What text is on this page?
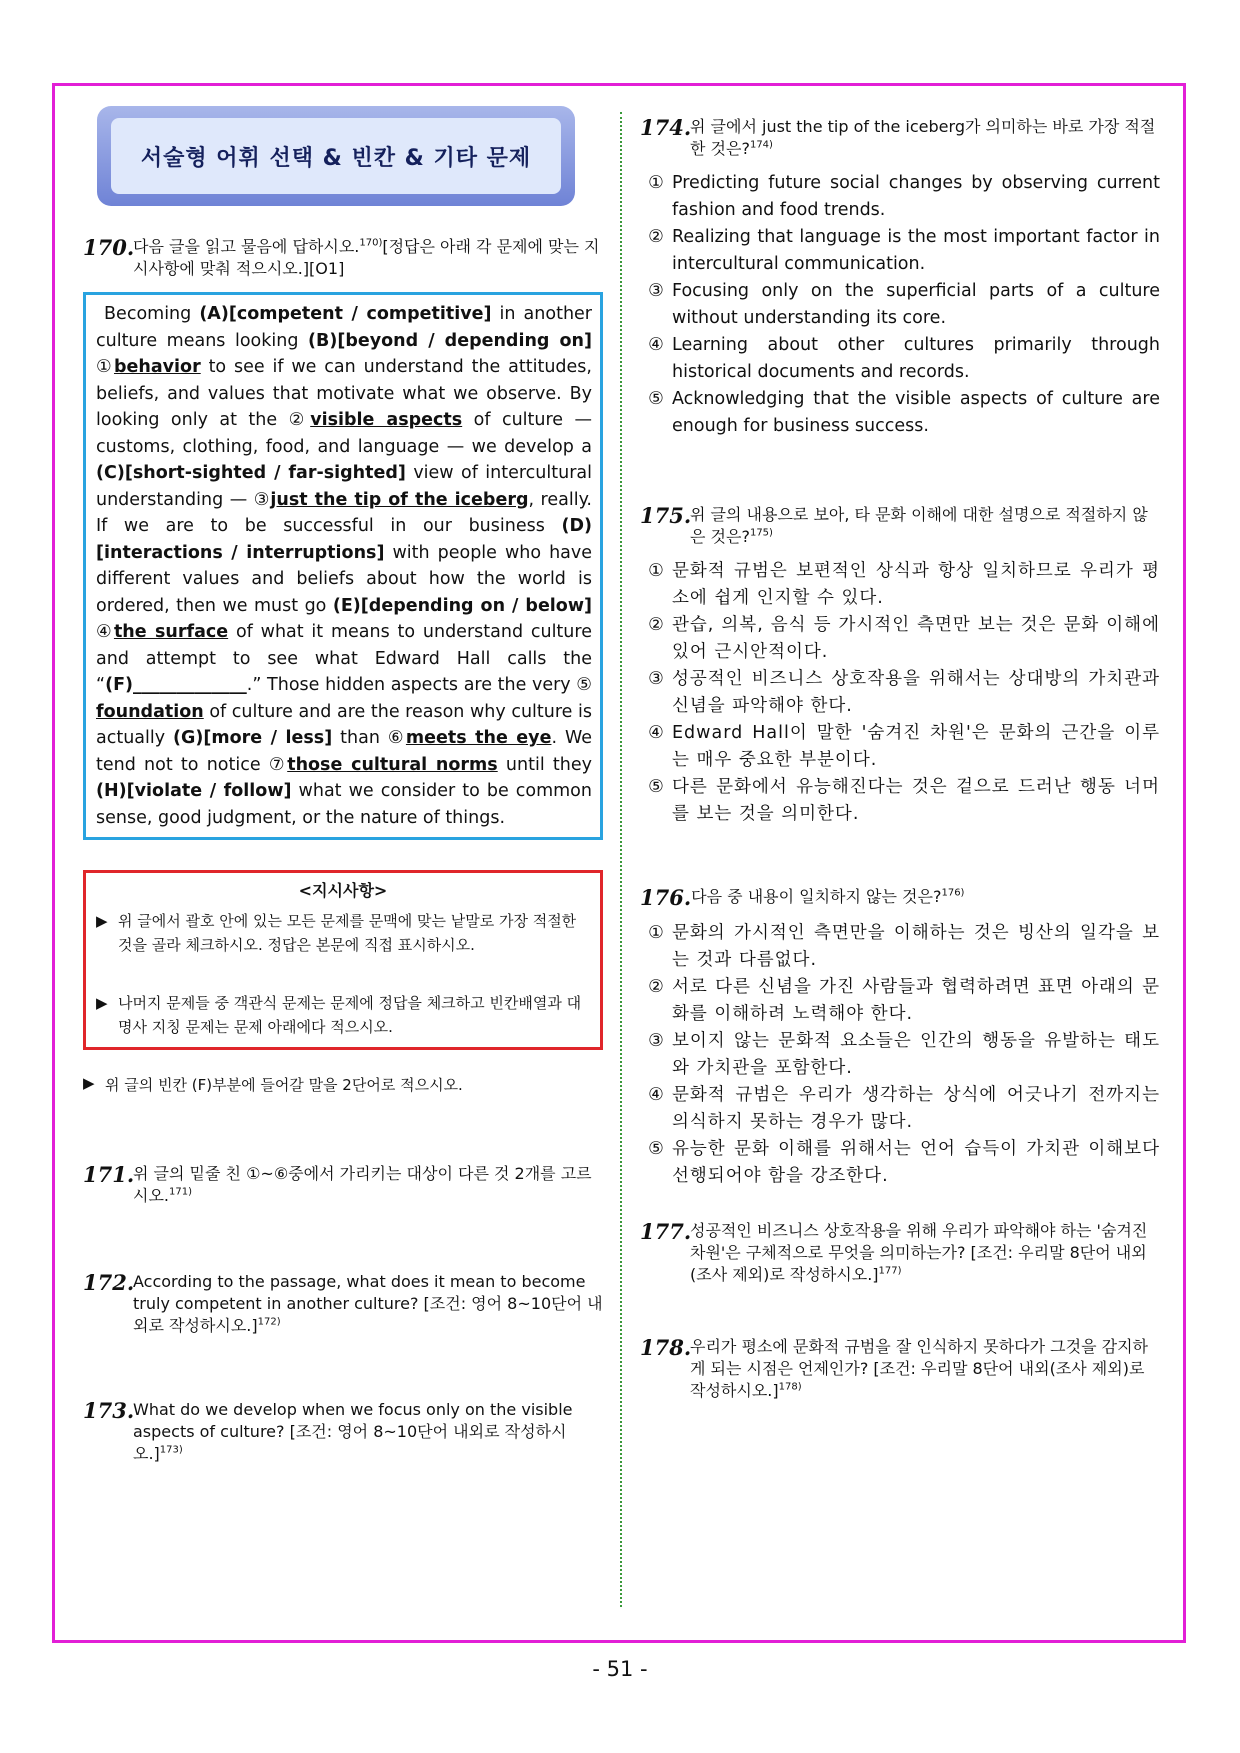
서술형 어휘 선택 & 빈칸 & 기타 문제
170.
다음 글을 읽고 물음에 답하시오.$^{170)}$[정답은 아래 각 문제에 맞는 지시사항에 맞춰 적으시오.][O1]
Becoming (A)[competent / competitive] in another culture means looking (B)[beyond / depending on] ①behavior to see if we can understand the attitudes, beliefs, and values that motivate what we observe. By looking only at the ②visible aspects of culture — customs, clothing, food, and language — we develop a (C)[short-sighted / far-sighted] view of intercultural understanding — ③just the tip of the iceberg, really. If we are to be successful in our business (D)[interactions / interruptions] with people who have different values and beliefs about how the world is ordered, then we must go (E)[depending on / below] ④the surface of what it means to understand culture and attempt to see what Edward Hall calls the “(F)_____________.” Those hidden aspects are the very ⑤ foundation of culture and are the reason why culture is actually (G)[more / less] than ⑥meets the eye. We tend not to notice ⑦those cultural norms until they (H)[violate / follow] what we consider to be common sense, good judgment, or the nature of things.
<지시사항>
▶ 위 글에서 괄호 안에 있는 모든 문제를 문맥에 맞는 낱말로 가장 적절한 것을 골라 체크하시오. 정답은 본문에 직접 표시하시오.
▶ 나머지 문제들 중 객관식 문제는 문제에 정답을 체크하고 빈칸배열과 대명사 지칭 문제는 문제 아래에다 적으시오.
▶ 위 글의 빈칸 (F)부분에 들어갈 말을 2단어로 적으시오.
171.
위 글의 밑줄 친 ①~⑥중에서 가리키는 대상이 다른 것 2개를 고르시오.$^{171)}$
172.
According to the passage, what does it mean to become truly competent in another culture? [조건: 영어 8~10단어 내외로 작성하시오.]$^{172)}$
173.
What do we develop when we focus only on the visible aspects of culture? [조건: 영어 8~10단어 내외로 작성하시오.]$^{173)}$
174.
위 글에서 just the tip of the iceberg가 의미하는 바로 가장 적절한 것은?$^{174)}$
① Predicting future social changes by observing current fashion and food trends.
② Realizing that language is the most important factor in intercultural communication.
③ Focusing only on the superficial parts of a culture without understanding its core.
④ Learning about other cultures primarily through historical documents and records.
⑤ Acknowledging that the visible aspects of culture are enough for business success.
175.
위 글의 내용으로 보아, 타 문화 이해에 대한 설명으로 적절하지 않은 것은?$^{175)}$
① 문화적 규범은 보편적인 상식과 항상 일치하므로 우리가 평소에 쉽게 인지할 수 있다.
② 관습, 의복, 음식 등 가시적인 측면만 보는 것은 문화 이해에 있어 근시안적이다.
③ 성공적인 비즈니스 상호작용을 위해서는 상대방의 가치관과 신념을 파악해야 한다.
④ Edward Hall이 말한 '숨겨진 차원'은 문화의 근간을 이루는 매우 중요한 부분이다.
⑤ 다른 문화에서 유능해진다는 것은 겉으로 드러난 행동 너머를 보는 것을 의미한다.
176. 다음 중 내용이 일치하지 않는 것은?$^{176)}$
① 문화의 가시적인 측면만을 이해하는 것은 빙산의 일각을 보는 것과 다름없다.
② 서로 다른 신념을 가진 사람들과 협력하려면 표면 아래의 문화를 이해하려 노력해야 한다.
③ 보이지 않는 문화적 요소들은 인간의 행동을 유발하는 태도와 가치관을 포함한다.
④ 문화적 규범은 우리가 생각하는 상식에 어긋나기 전까지는 의식하지 못하는 경우가 많다.
⑤ 유능한 문화 이해를 위해서는 언어 습득이 가치관 이해보다 선행되어야 함을 강조한다.
177.
성공적인 비즈니스 상호작용을 위해 우리가 파악해야 하는 '숨겨진 차원'은 구체적으로 무엇을 의미하는가? [조건: 우리말 8단어 내외(조사 제외)로 작성하시오.]$^{177)}$
178.
우리가 평소에 문화적 규범을 잘 인식하지 못하다가 그것을 감지하게 되는 시점은 언제인가? [조건: 우리말 8단어 내외(조사 제외)로 작성하시오.]$^{178)}$
- 51 -
